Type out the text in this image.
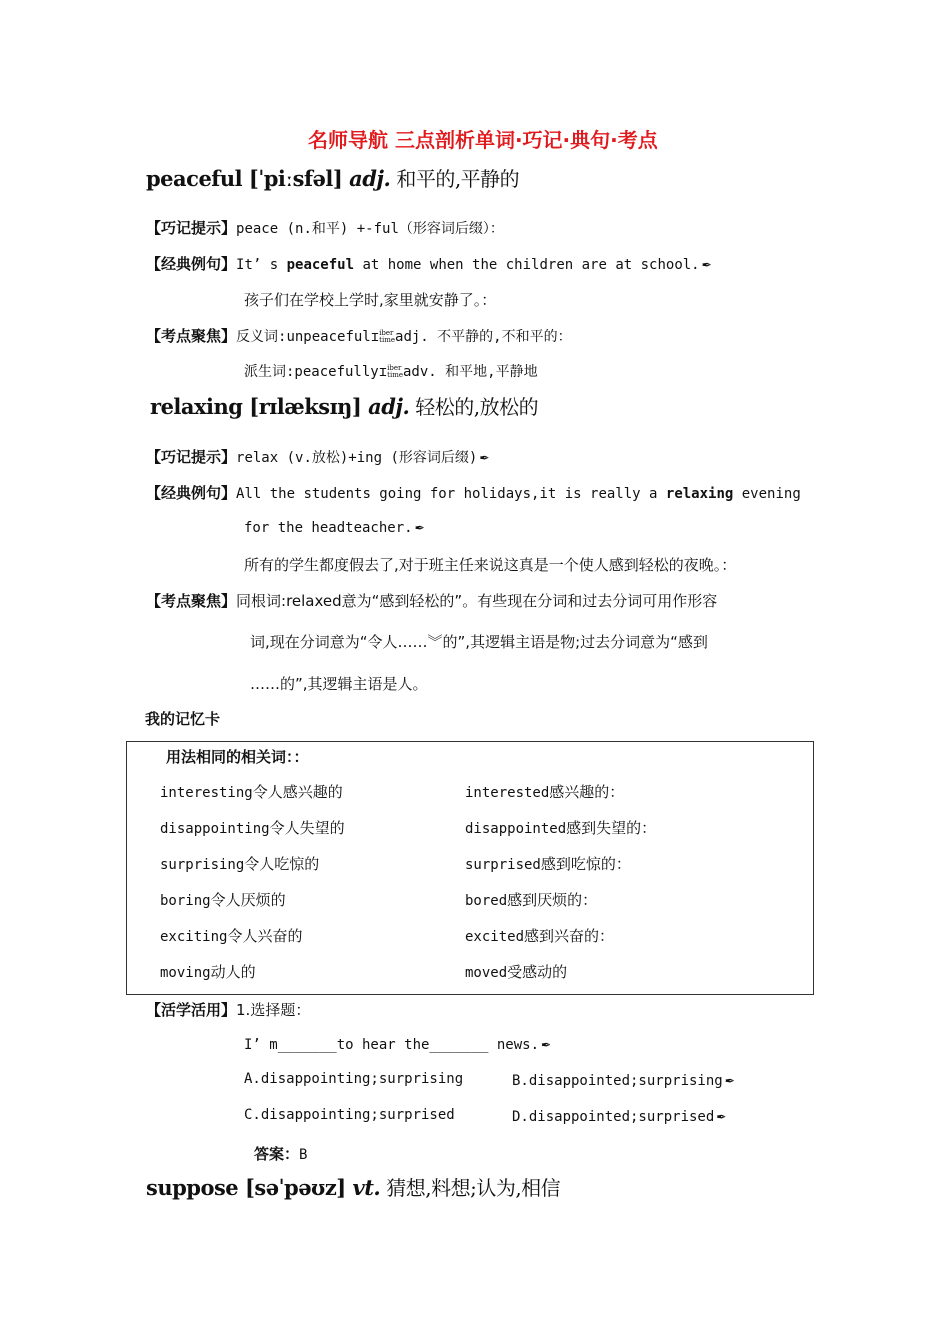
名师导航 三点剖析单词·巧记·典句·考点
peaceful [ˈpiːsfəl] adj. 和平的,平静的
【巧记提示】peace (n.和平) +-ful（形容词后缀）：
【经典例句】It’ s peaceful at home when the children are at school. ✒
孩子们在学校上学时,家里就安静了。：
【考点聚焦】反义词:unpeacefulɪiber
timeadj. 不平静的,不和平的：
派生词:peacefullyɪiber
timeadv. 和平地,平静地
relaxing [rɪlæksɪŋ] adj. 轻松的,放松的
【巧记提示】relax (v.放松)+ing (形容词后缀) ✒
【经典例句】All the students going for holidays,it is really a relaxing evening
for the headteacher. ✒
所有的学生都度假去了,对于班主任来说这真是一个使人感到轻松的夜晚。：
【考点聚焦】同根词:relaxed意为“感到轻松的”。有些现在分词和过去分词可用作形容
词,现在分词意为“令人……︾的”,其逻辑主语是物;过去分词意为“感到
……的”,其逻辑主语是人。
我的记忆卡
用法相同的相关词：：
interesting令人感兴趣的	interested感兴趣的：
disappointing令人失望的	disappointed感到失望的：
surprising令人吃惊的	surprised感到吃惊的：
boring令人厌烦的	bored感到厌烦的：
exciting令人兴奋的	excited感到兴奋的：
moving动人的	moved受感动的
【活学活用】1.选择题：
I’ m_______to hear the_______ news. ✒
A.disappointing;surprising	B.disappointed;surprising ✒
C.disappointing;surprised	D.disappointed;surprised ✒
答案：B
suppose [səˈpəʊz] vt. 猜想,料想;认为,相信
